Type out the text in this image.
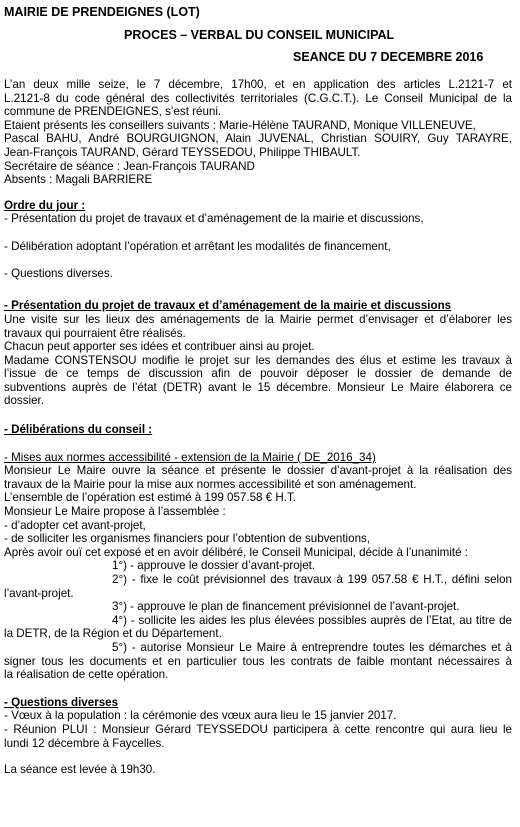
MAIRIE DE PRENDEIGNES (LOT)
PROCES – VERBAL DU CONSEIL MUNICIPAL
SEANCE DU 7 DECEMBRE 2016
L’an deux mille seize, le 7 décembre, 17h00, et en application des articles L.2121-7 et
L.2121-8 du code général des collectivités territoriales (C.G.C.T.). Le Conseil Municipal de la
commune de PRENDEIGNES, s’est réuni.
Etaient présents les conseillers suivants : Marie-Hélène TAURAND, Monique VILLENEUVE,
Pascal BAHU, André BOURGUIGNON, Alain JUVENAL, Christian SOUIRY, Guy TARAYRE,
Jean-François TAURAND, Gérard TEYSSEDOU, Philippe THIBAULT.
Secrétaire de séance : Jean-François TAURAND
Absents : Magali BARRIERE
Ordre du jour :
- Présentation du projet de travaux et d’aménagement de la mairie et discussions,
- Délibération adoptant l’opération et arrêtant les modalités de financement,
- Questions diverses.
- Présentation du projet de travaux et d’aménagement de la mairie et discussions
Une visite sur les lieux des aménagements de la Mairie permet d’envisager et d’élaborer les
travaux qui pourraient être réalisés.
Chacun peut apporter ses idées et contribuer ainsi au projet.
Madame CONSTENSOU modifie le projet sur les demandes des élus et estime les travaux à
l’issue de ce temps de discussion afin de pouvoir déposer le dossier de demande de
subventions auprès de l’état (DETR) avant le 15 décembre. Monsieur Le Maire élaborera ce
dossier.
- Délibérations du conseil :
- Mises aux normes accessibilité - extension de la Mairie ( DE_2016_34)
Monsieur Le Maire ouvre la séance et présente le dossier d’avant-projet à la réalisation des
travaux de la Mairie pour la mise aux normes accessibilité et son aménagement.
L’ensemble de l’opération est estimé à 199 057.58 € H.T.
Monsieur Le Maire propose à l’assemblée :
- d’adopter cet avant-projet,
- de solliciter les organismes financiers pour l’obtention de subventions,
Après avoir ouï cet exposé et en avoir délibéré, le Conseil Municipal, décide à l’unanimité :
1°) - approuve le dossier d’avant-projet.
2°) - fixe le coût prévisionnel des travaux à 199 057.58 € H.T., défini selon
l’avant-projet.
3°) - approuve le plan de financement prévisionnel de l’avant-projet.
4°) - sollicite les aides les plus élevées possibles auprès de l’Etat, au titre de
la DETR, de la Région et du Département.
5°) - autorise Monsieur Le Maire à entreprendre toutes les démarches et à
signer tous les documents et en particulier tous les contrats de faible montant nécessaires à
la réalisation de cette opération.
- Questions diverses
- Vœux à la population : la cérémonie des vœux aura lieu le 15 janvier 2017.
- Réunion PLUI : Monsieur Gérard TEYSSEDOU participera à cette rencontre qui aura lieu le
lundi 12 décembre à Faycelles.
La séance est levée à 19h30.
